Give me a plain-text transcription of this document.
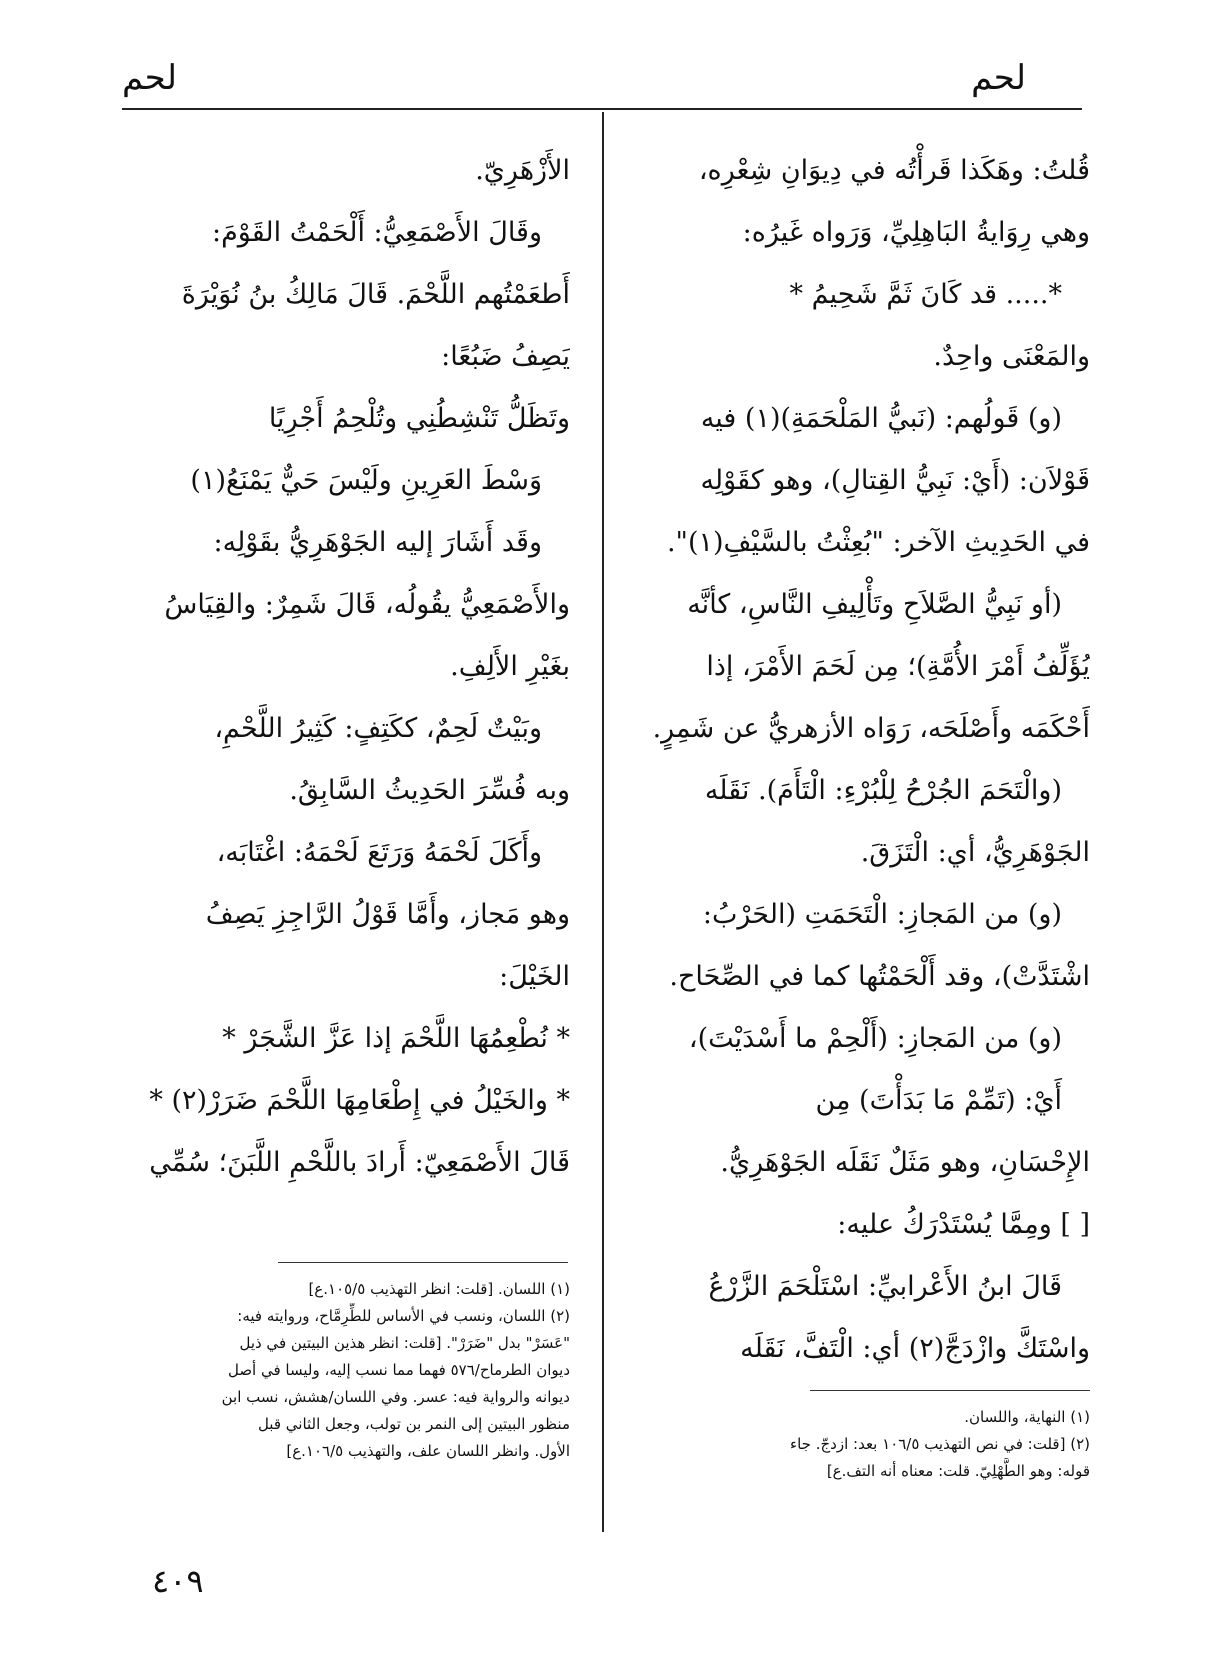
لحم
لحم
قُلتُ: وهَكَذا قَرأْتُه في دِيوَانِ شِعْرِه،
وهي رِوَايةُ البَاهِلِيِّ، وَرَواه غَيرُه:
*..... قد كَانَ ثَمَّ شَحِيمُ *
والمَعْنَى واحِدٌ.
(و) قَولُهم: (نَبيُّ المَلْحَمَةِ)(١) فيه
قَوْلاَن: (أَيْ: نَبِيُّ القِتالِ)، وهو كقَوْلِه
في الحَدِيثِ الآخر: "بُعِثْتُ بالسَّيْفِ(١)".
(أو نَبِيُّ الصَّلاَحِ وتَأْلِيفِ النَّاسِ، كأنَّه
يُؤَلِّفُ أَمْرَ الأُمَّةِ)؛ مِن لَحَمَ الأَمْرَ، إذا
أَحْكَمَه وأَصْلَحَه، رَوَاه الأزهريُّ عن شَمِرٍ.
(والْتَحَمَ الجُرْحُ لِلْبُرْءِ: الْتَأَمَ). نَقَلَه
الجَوْهَرِيُّ، أي: الْتَزَقَ.
(و) من المَجازِ: الْتَحَمَتِ (الحَرْبُ:
اشْتَدَّتْ)، وقد أَلْحَمْتُها كما في الصِّحَاح.
(و) من المَجازِ: (أَلْحِمْ ما أَسْدَيْتَ)،
أَيْ: (تَمِّمْ مَا بَدَأْتَ) مِن
الإِحْسَانِ، وهو مَثَلٌ نَقَلَه الجَوْهَرِيُّ.
[ ] ومِمَّا يُسْتَدْرَكُ عليه:
قَالَ ابنُ الأَعْرابيِّ: اسْتَلْحَمَ الزَّرْعُ
واسْتَكَّ وازْدَجَّ(٢) أي: الْتَفَّ، نَقَلَه
الأَزْهَرِيّ.
وقَالَ الأَصْمَعِيُّ: أَلْحَمْتُ القَوْمَ:
أَطعَمْتُهم اللَّحْمَ. قَالَ مَالِكُ بنُ نُوَيْرَةَ
يَصِفُ ضَبُعًا:
وتَظَلُّ تَنْشِطُنِي وتُلْحِمُ أَجْرِيًا
وَسْطَ العَرِينِ ولَيْسَ حَيٌّ يَمْنَعُ(١)
وقَد أَشَارَ إليه الجَوْهَرِيُّ بقَوْلِه:
والأَصْمَعِيُّ يقُولُه، قَالَ شَمِرٌ: والقِيَاسُ
بغَيْرِ الأَلِفِ.
وبَيْتٌ لَحِمٌ، ككَتِفٍ: كَثِيرُ اللَّحْمِ،
وبه فُسِّرَ الحَدِيثُ السَّابِقُ.
وأَكَلَ لَحْمَهُ وَرَتَعَ لَحْمَهُ: اغْتَابَه،
وهو مَجاز، وأَمَّا قَوْلُ الرَّاجِزِ يَصِفُ
الخَيْلَ:
* نُطْعِمُهَا اللَّحْمَ إذا عَزَّ الشَّجَرْ *
* والخَيْلُ في إِطْعَامِهَا اللَّحْمَ ضَرَرْ(٢) *
قَالَ الأَصْمَعِيّ: أَرادَ باللَّحْمِ اللَّبَنَ؛ سُمِّي
(١) اللسان. [قلت: انظر التهذيب ١٠٥/٥.ع]
(٢) اللسان، ونسب في الأساس للطِّرِمَّاح، وروايته فيه:
"عَسَرْ" بدل "ضَرَرْ". [قلت: انظر هذين البيتين في ذيل
ديوان الطرماح/٥٧٦ فهما مما نسب إليه، وليسا في أصل
ديوانه والرواية فيه: عسر. وفي اللسان/هشش، نسب ابن
منظور البيتين إلى النمر بن تولب، وجعل الثاني قبل
الأول. وانظر اللسان علف، والتهذيب ١٠٦/٥.ع]
(١) النهاية، واللسان.
(٢) [قلت: في نص التهذيب ١٠٦/٥ بعد: ازدجّ. جاء
قوله: وهو الطَّهْلِيّ. قلت: معناه أنه التف.ع]
٤٠٩
